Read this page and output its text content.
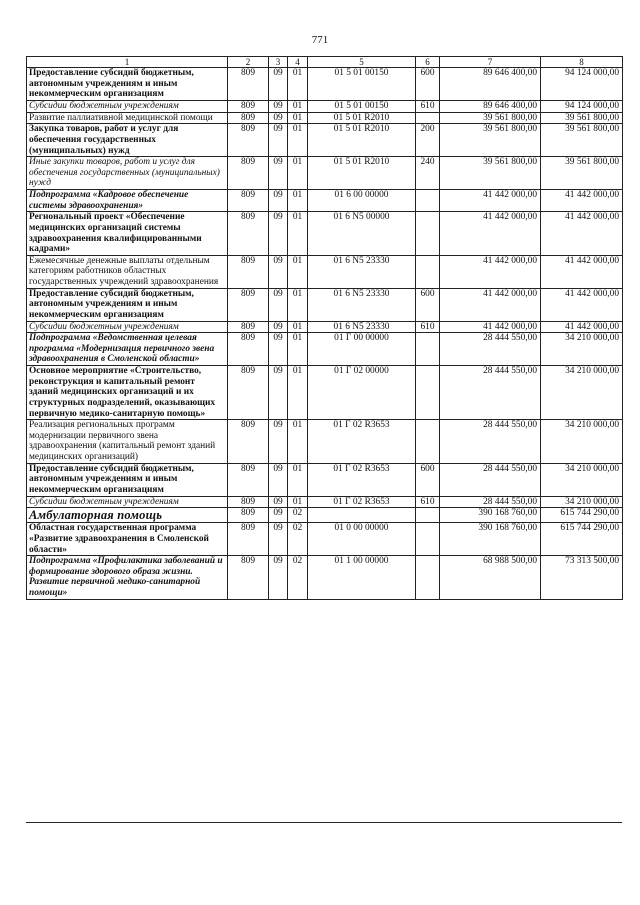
771
1	2	3	4	5	6	7	8
Предоставление субсидий бюджетным, автономным учреждениям и иным некоммерческим организациям	809	09	01	01 5 01 00150	600	89 646 400,00	94 124 000,00
Субсидии бюджетным учреждениям	809	09	01	01 5 01 00150	610	89 646 400,00	94 124 000,00
Развитие паллиативной медицинской помощи	809	09	01	01 5 01 R2010		39 561 800,00	39 561 800,00
Закупка товаров, работ и услуг для обеспечения государственных (муниципальных) нужд	809	09	01	01 5 01 R2010	200	39 561 800,00	39 561 800,00
Иные закупки товаров, работ и услуг для обеспечения государственных (муниципальных) нужд	809	09	01	01 5 01 R2010	240	39 561 800,00	39 561 800,00
Подпрограмма «Кадровое обеспечение системы здравоохранения»	809	09	01	01 6 00 00000		41 442 000,00	41 442 000,00
Региональный проект «Обеспечение медицинских организаций системы здравоохранения квалифицированными кадрами»	809	09	01	01 6 N5 00000		41 442 000,00	41 442 000,00
Ежемесячные денежные выплаты отдельным категориям работников областных государственных учреждений здравоохранения	809	09	01	01 6 N5 23330		41 442 000,00	41 442 000,00
Предоставление субсидий бюджетным, автономным учреждениям и иным некоммерческим организациям	809	09	01	01 6 N5 23330	600	41 442 000,00	41 442 000,00
Субсидии бюджетным учреждениям	809	09	01	01 6 N5 23330	610	41 442 000,00	41 442 000,00
Подпрограмма «Ведомственная целевая программа «Модернизация первичного звена здравоохранения в Смоленской области»	809	09	01	01 Г 00 00000		28 444 550,00	34 210 000,00
Основное мероприятие «Строительство, реконструкция и капитальный ремонт зданий медицинских организаций и их структурных подразделений, оказывающих первичную медико-санитарную помощь»	809	09	01	01 Г 02 00000		28 444 550,00	34 210 000,00
Реализация региональных программ модернизации первичного звена здравоохранения (капитальный ремонт зданий медицинских организаций)	809	09	01	01 Г 02 R3653		28 444 550,00	34 210 000,00
Предоставление субсидий бюджетным, автономным учреждениям и иным некоммерческим организациям	809	09	01	01 Г 02 R3653	600	28 444 550,00	34 210 000,00
Субсидии бюджетным учреждениям	809	09	01	01 Г 02 R3653	610	28 444 550,00	34 210 000,00
Амбулаторная помощь	809	09	02			390 168 760,00	615 744 290,00
Областная государственная программа «Развитие здравоохранения в Смоленской области»	809	09	02	01 0 00 00000		390 168 760,00	615 744 290,00
Подпрограмма «Профилактика заболеваний и формирование здорового образа жизни. Развитие первичной медико-санитарной помощи»	809	09	02	01 1 00 00000		68 988 500,00	73 313 500,00
